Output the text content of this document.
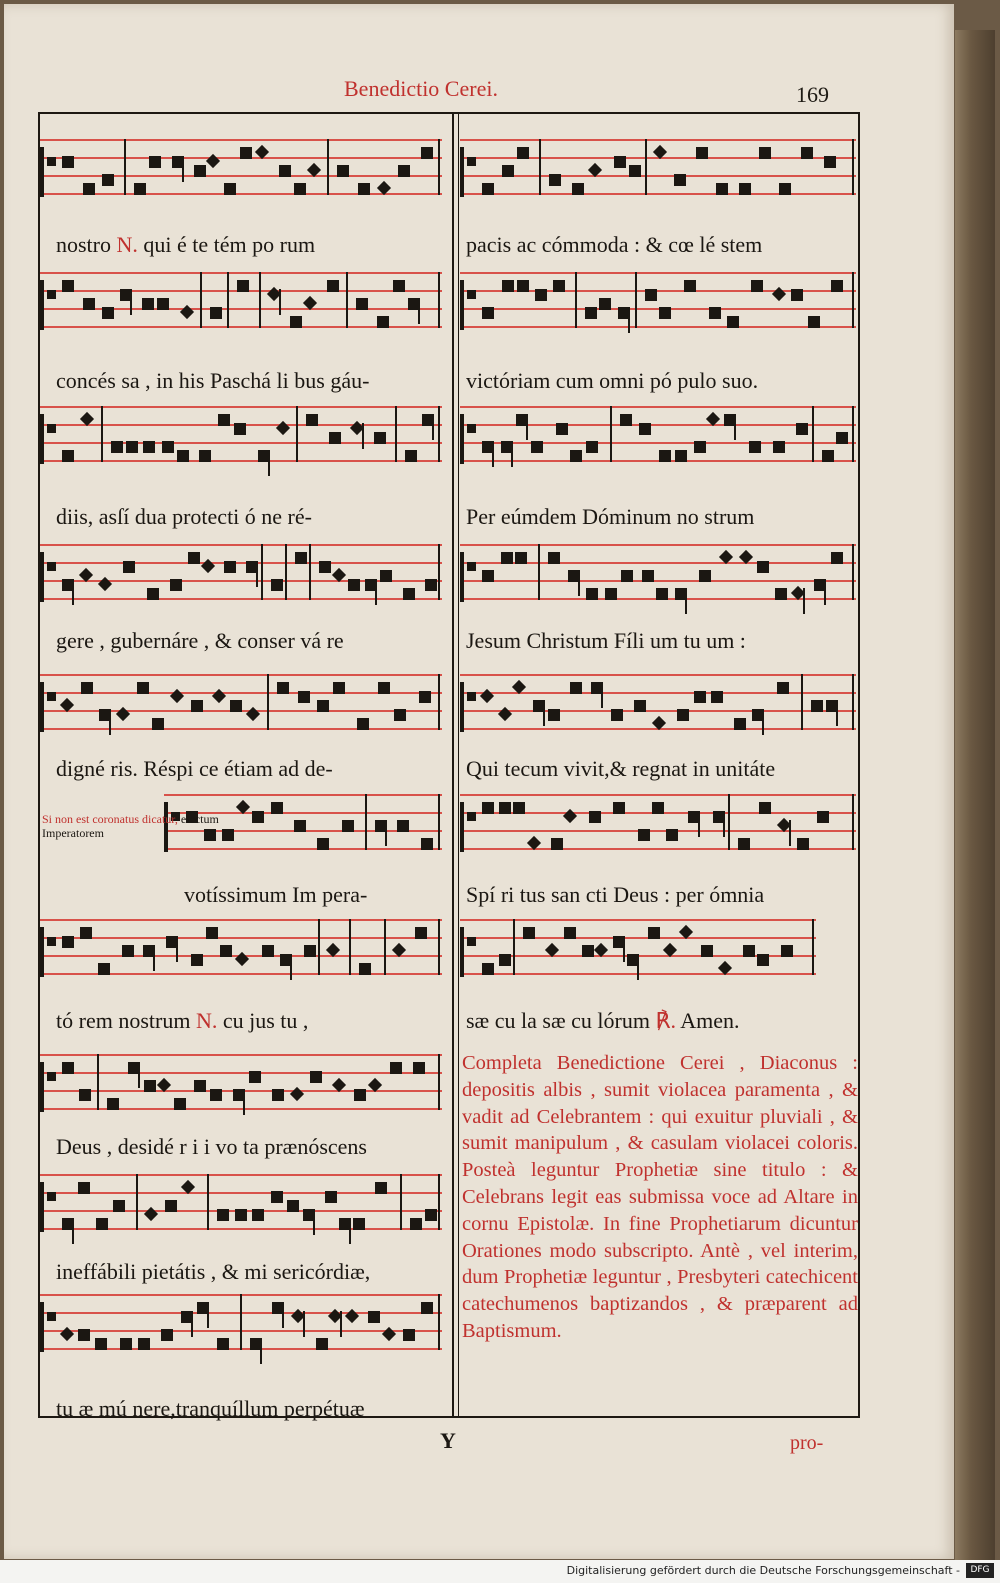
Benedictio Cerei.	169
nostro N. qui é te tém po rum
concés sa , in his Paschá li bus gáu-
diis, asſí dua protecti ó ne ré-
gere , gubernáre , & conser vá re
digné ris. Réspi ce étiam ad de-
votíssimum Im pera-
tó rem nostrum N. cu jus tu ,
Deus , desidé r i i vo ta prænóscens
ineffábili pietátis , & mi sericórdiæ,
tu æ mú nere,tranquíllum perpétuæ
pacis ac cómmoda : & cœ lé stem
victóriam cum omni pó pulo suo.
Per eúmdem Dóminum no strum
Jesum Christum Fíli um tu um :
Qui tecum vivit,& regnat in unitáte
Spí ri tus san cti Deus : per ómnia
sæ cu la sæ cu lórum ℟. Amen.
Si non est coronatus dicatur, electum
Imperatorem
Completa Benedictione Cerei , Diaconus : depositis albis , sumit violacea paramenta , & vadit ad Celebrantem : qui exuitur pluviali , & sumit manipulum , & casulam violacei coloris. Posteà leguntur Prophetiæ sine titulo : & Celebrans legit eas submissa voce ad Altare in cornu Epistolæ. In fine Prophetiarum dicuntur Orationes modo subscripto. Antè , vel interim, dum Prophetiæ leguntur , Presbyteri catechicent catechumenos baptizandos , & præparent ad Baptismum.
Y	pro-
Digitalisierung gefördert durch die Deutsche Forschungsgemeinschaft -	DFG
